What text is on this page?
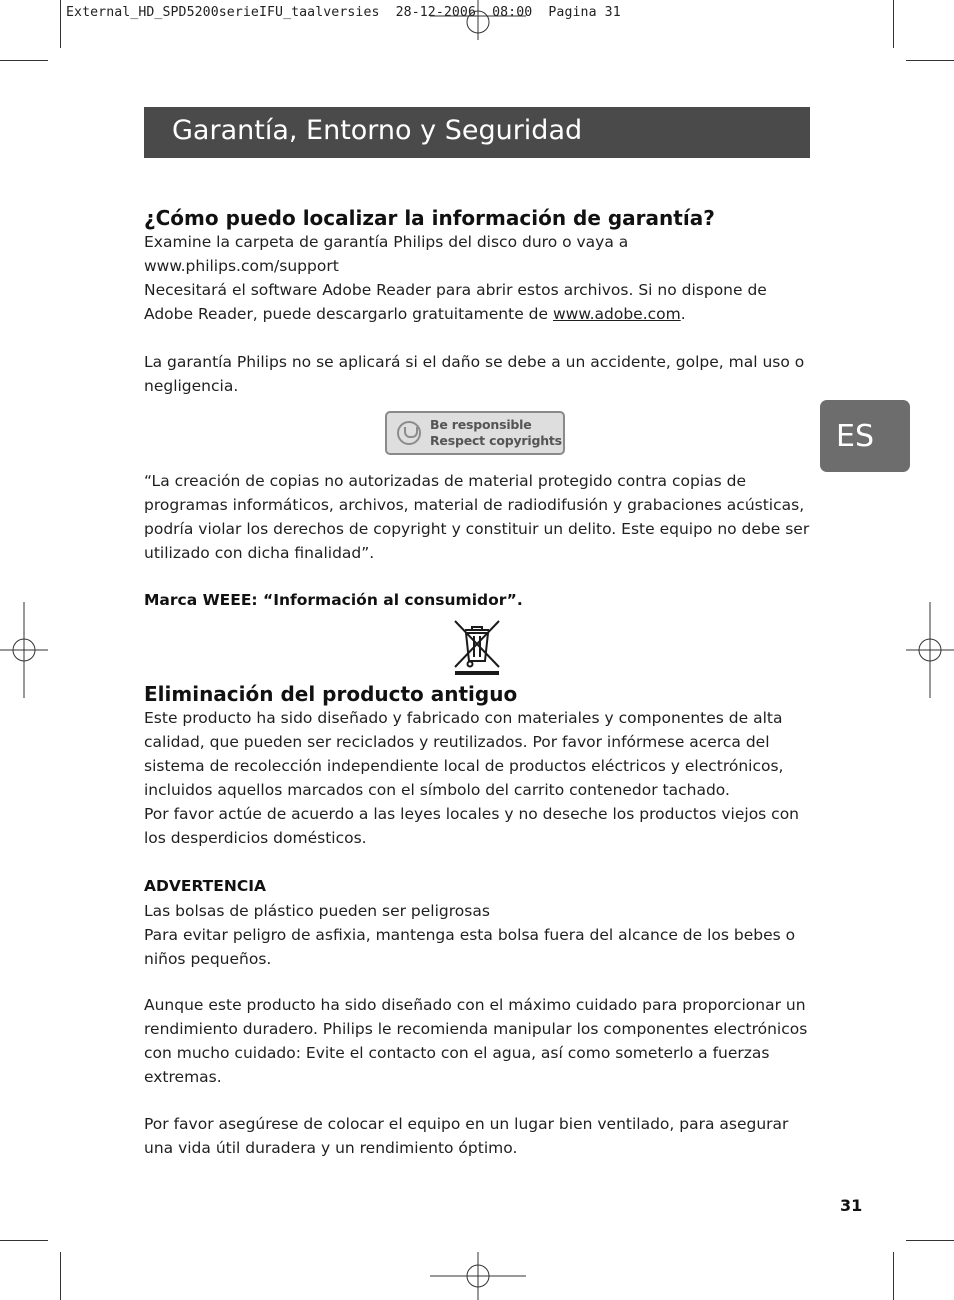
External_HD_SPD5200serieIFU_taalversies  28-12-2006  08:00  Pagina 31
Garantía, Entorno y Seguridad
ES
¿Cómo puedo localizar la información de garantía?

Examine la carpeta de garantía Philips del disco duro o vaya a

www.philips.com/support

Necesitará el software Adobe Reader para abrir estos archivos. Si no dispone de

Adobe Reader, puede descargarlo gratuitamente de www.adobe.com.

La garantía Philips no se aplicará si el daño se debe a un accidente, golpe, mal uso o negligencia.
Be responsible
Respect copyrights
“La creación de copias no autorizadas de material protegido contra copias de programas informáticos, archivos, material de radiodifusión y grabaciones acústicas, podría violar los derechos de copyright y constituir un delito. Este equipo no debe ser utilizado con dicha finalidad”.
Marca WEEE: “Información al consumidor”.
Eliminación del producto antiguo

Este producto ha sido diseñado y fabricado con materiales y componentes de alta calidad, que pueden ser reciclados y reutilizados. Por favor infórmese acerca del sistema de recolección independiente local de productos eléctricos y electrónicos, incluidos aquellos marcados con el símbolo del carrito contenedor tachado.

Por favor actúe de acuerdo a las leyes locales y no deseche los productos viejos con los desperdicios domésticos.

ADVERTENCIA

Las bolsas de plástico pueden ser peligrosas

Para evitar peligro de asfixia, mantenga esta bolsa fuera del alcance de los bebes o niños pequeños.

Aunque este producto ha sido diseñado con el máximo cuidado para proporcionar un rendimiento duradero. Philips le recomienda manipular los componentes electrónicos con mucho cuidado: Evite el contacto con el agua, así como someterlo a fuerzas extremas.
Por favor asegúrese de colocar el equipo en un lugar bien ventilado, para asegurar una vida útil duradera y un rendimiento óptimo.
31
